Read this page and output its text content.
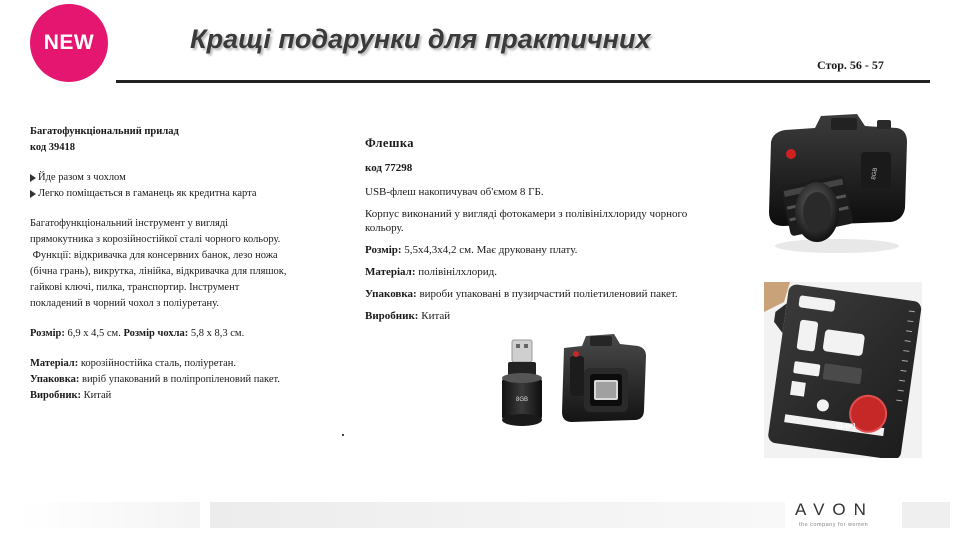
NEW	Кращі подарунки для практичних
Стор. 56 - 57

Багатофункціональний прилад

код 39418

Йде разом з чохлом
Легко поміщається в гаманець як кредитна карта

Багатофункціональний інструмент у вигляді

прямокутника з корозійностійкої сталі чорного кольору.

Функції: відкривачка для консервних банок, лезо ножа

(бічна грань), викрутка, лінійка, відкривачка для пляшок,

гайкові ключі, пилка, транспортир. Інструмент

покладений в чорний чохол з поліуретану.

Розмір: 6,9 х 4,5 см. Розмір чохла: 5,8 х 8,3 см.

Матеріал: корозійностійка сталь, поліуретан.

Упаковка: виріб упакований в поліпропіленовий пакет.

Виробник: Китай

Флешка

код 77298

USB-флеш накопичувач об'ємом 8 ГБ.

Корпус виконаний у вигляді фотокамери з полівінілхлориду чорного кольору.

Розмір: 5,5х4,3х4,2 см. Має друковану плату.

Матеріал: полівінілхлорид.

Упаковка: вироби упаковані в пузирчастий поліетиленовий пакет.

Виробник: Китай

8GB
8GB
11-в-1
AVON
the company for women
